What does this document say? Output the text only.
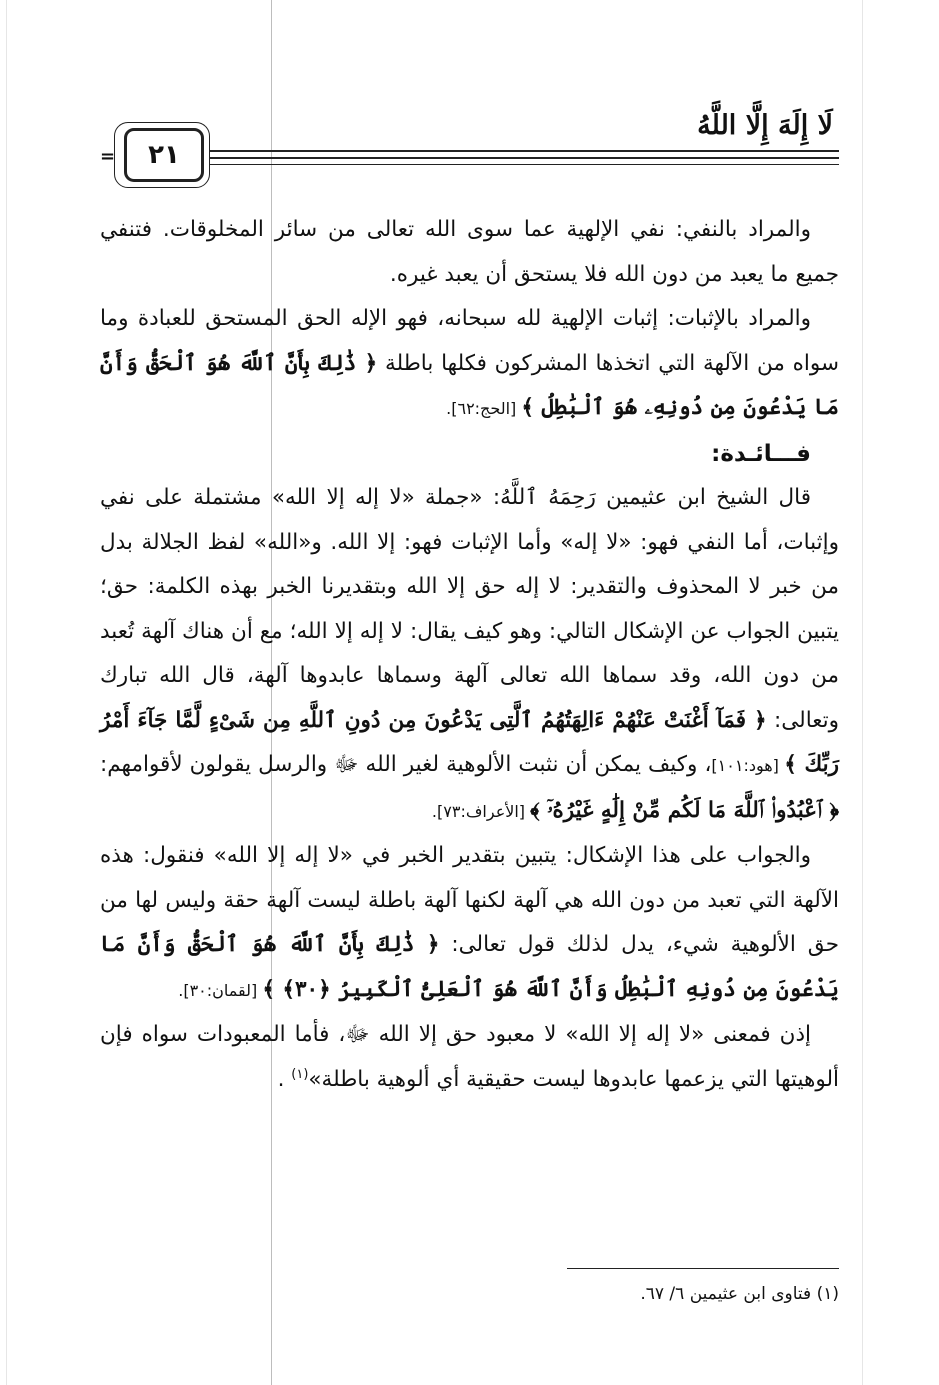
لَا إِلَهَ إِلَّا اللَّهُ
٢١
=

والمراد بالنفي: نفي الإلهية عما سوى الله تعالى من سائر المخلوقات. فتنفي جميع ما يعبد من دون الله فلا يستحق أن يعبد غيره.

والمراد بالإثبات: إثبات الإلهية لله سبحانه، فهو الإله الحق المستحق للعبادة وما سواه من الآلهة التي اتخذها المشركون فكلها باطلة ﴿ ذَٰلِكَ بِأَنَّ ٱللَّهَ هُوَ ٱلْحَقُّ وَأَنَّ مَا يَدْعُونَ مِن دُونِهِۦ هُوَ ٱلْبَٰطِلُ ﴾ [الحج:٦٢].

فـــائـدة:

قال الشيخ ابن عثيمين رَحِمَهُ ٱللَّهُ: «جملة «لا إله إلا الله» مشتملة على نفي وإثبات، أما النفي فهو: «لا إله» وأما الإثبات فهو: إلا الله. و«الله» لفظ الجلالة بدل من خبر لا المحذوف والتقدير: لا إله حق إلا الله وبتقديرنا الخبر بهذه الكلمة: حق؛ يتبين الجواب عن الإشكال التالي: وهو كيف يقال: لا إله إلا الله؛ مع أن هناك آلهة تُعبد من دون الله، وقد سماها الله تعالى آلهة وسماها عابدوها آلهة، قال الله تبارك وتعالى: ﴿ فَمَآ أَغْنَتْ عَنْهُمْ ءَالِهَتُهُمُ ٱلَّتِى يَدْعُونَ مِن دُونِ ٱللَّهِ مِن شَىْءٍ لَّمَّا جَآءَ أَمْرُ رَبِّكَ ﴾ [هود:١٠١]، وكيف يمكن أن نثبت الألوهية لغير الله ﷻ والرسل يقولون لأقوامهم: ﴿ ٱعْبُدُوا۟ ٱللَّهَ مَا لَكُم مِّنْ إِلَٰهٍ غَيْرُهُۥٓ ﴾ [الأعراف:٧٣].

والجواب على هذا الإشكال: يتبين بتقدير الخبر في «لا إله إلا الله» فنقول: هذه الآلهة التي تعبد من دون الله هي آلهة لكنها آلهة باطلة ليست آلهة حقة وليس لها من حق الألوهية شيء، يدل لذلك قول تعالى: ﴿ ذَٰلِكَ بِأَنَّ ٱللَّهَ هُوَ ٱلْحَقُّ وَأَنَّ مَا يَدْعُونَ مِن دُونِهِ ٱلْبَٰطِلُ وَأَنَّ ٱللَّهَ هُوَ ٱلْعَلِىُّ ٱلْكَبِيرُ ﴿٣٠﴾ ﴾ [لقمان:٣٠].

إذن فمعنى «لا إله إلا الله» لا معبود حق إلا الله ﷻ، فأما المعبودات سواه فإن ألوهيتها التي يزعمها عابدوها ليست حقيقية أي ألوهية باطلة»$^{(١)}$ .

(١) فتاوى ابن عثيمين ٦/ ٦٧.
